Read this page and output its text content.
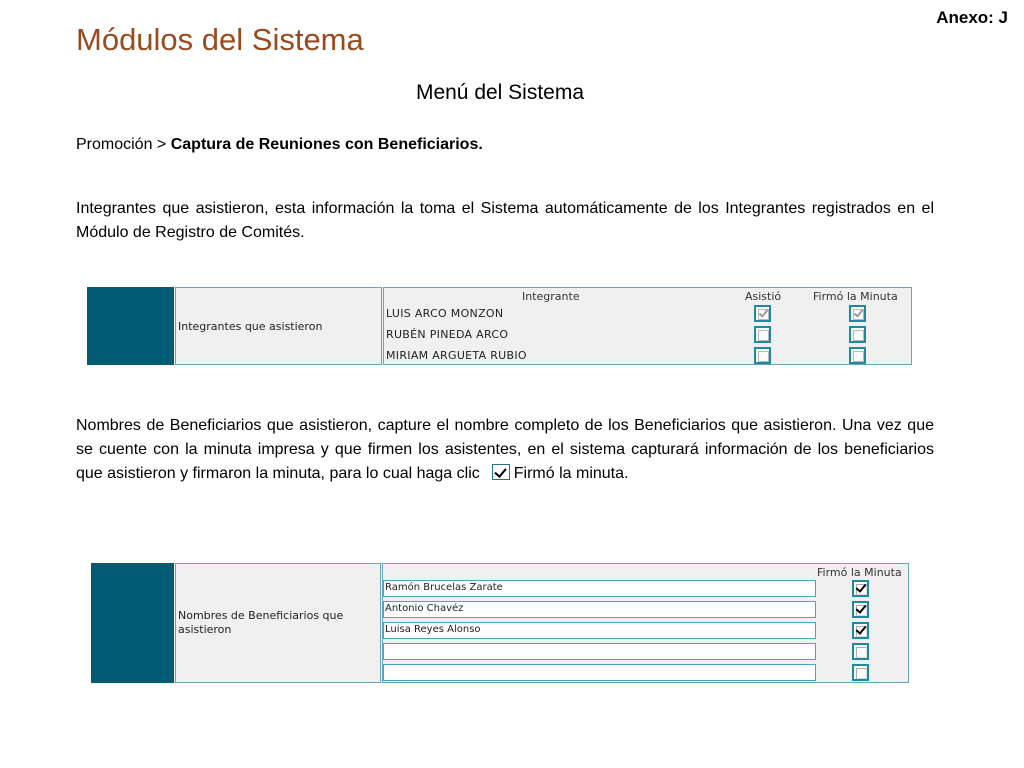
Anexo: J
Módulos del Sistema
Menú del Sistema
Promoción > Captura de Reuniones con Beneficiarios.
Integrantes que asistieron, esta información la toma el Sistema automáticamente de los Integrantes registrados en el Módulo de Registro de Comités.
Integrantes que asistieron
Integrante	Asistió	Firmó la Minuta
LUIS ARCO MONZON
RUBÉN PINEDA ARCO
MIRIAM ARGUETA RUBIO
Nombres de Beneficiarios que asistieron, capture el nombre completo de los Beneficiarios que asistieron. Una vez que se cuente con la minuta impresa y que firmen los asistentes, en el sistema capturará información de los beneficiarios que asistieron y firmaron la minuta, para lo cual haga clic Firmó la minuta.
Nombres de Beneficiarios que asistieron
Firmó la Minuta
Ramón Brucelas Zarate
Antonio Chavéz
Luisa Reyes Alonso
